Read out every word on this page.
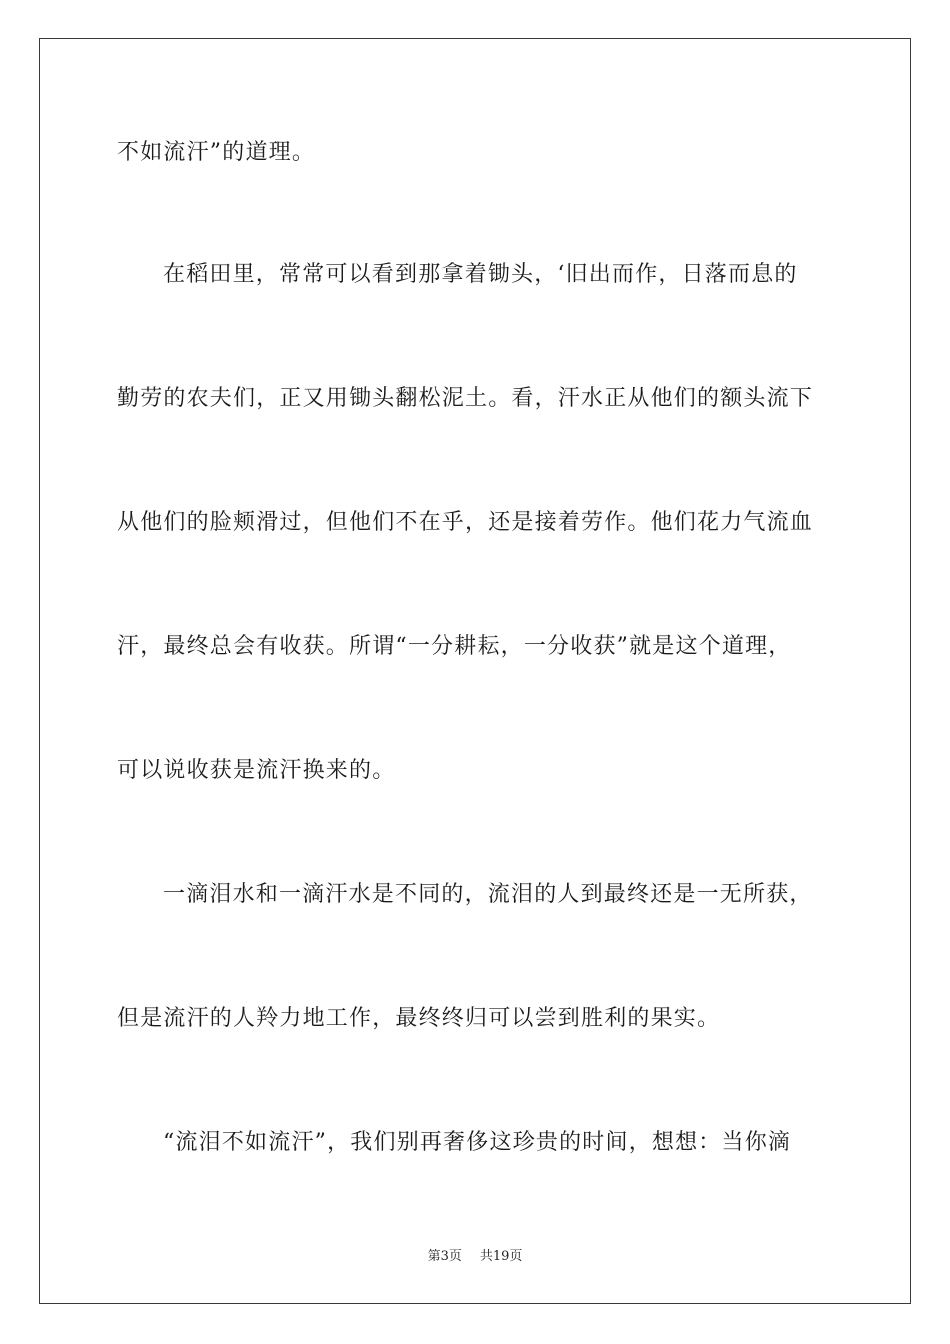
不如流汗”的道理。
在稻田里，常常可以看到那拿着锄头，‘旧出而作，日落而息的
勤劳的农夫们，正又用锄头翻松泥土。看，汗水正从他们的额头流下
从他们的脸颊滑过，但他们不在乎，还是接着劳作。他们花力气流血
汗，最终总会有收获。所谓“一分耕耘，一分收获”就是这个道理，
可以说收获是流汗换来的。
一滴泪水和一滴汗水是不同的，流泪的人到最终还是一无所获，
但是流汗的人羚力地工作，最终终归可以尝到胜利的果实。
“流泪不如流汗”，我们别再奢侈这珍贵的时间，想想：当你滴
第3页 共19页
